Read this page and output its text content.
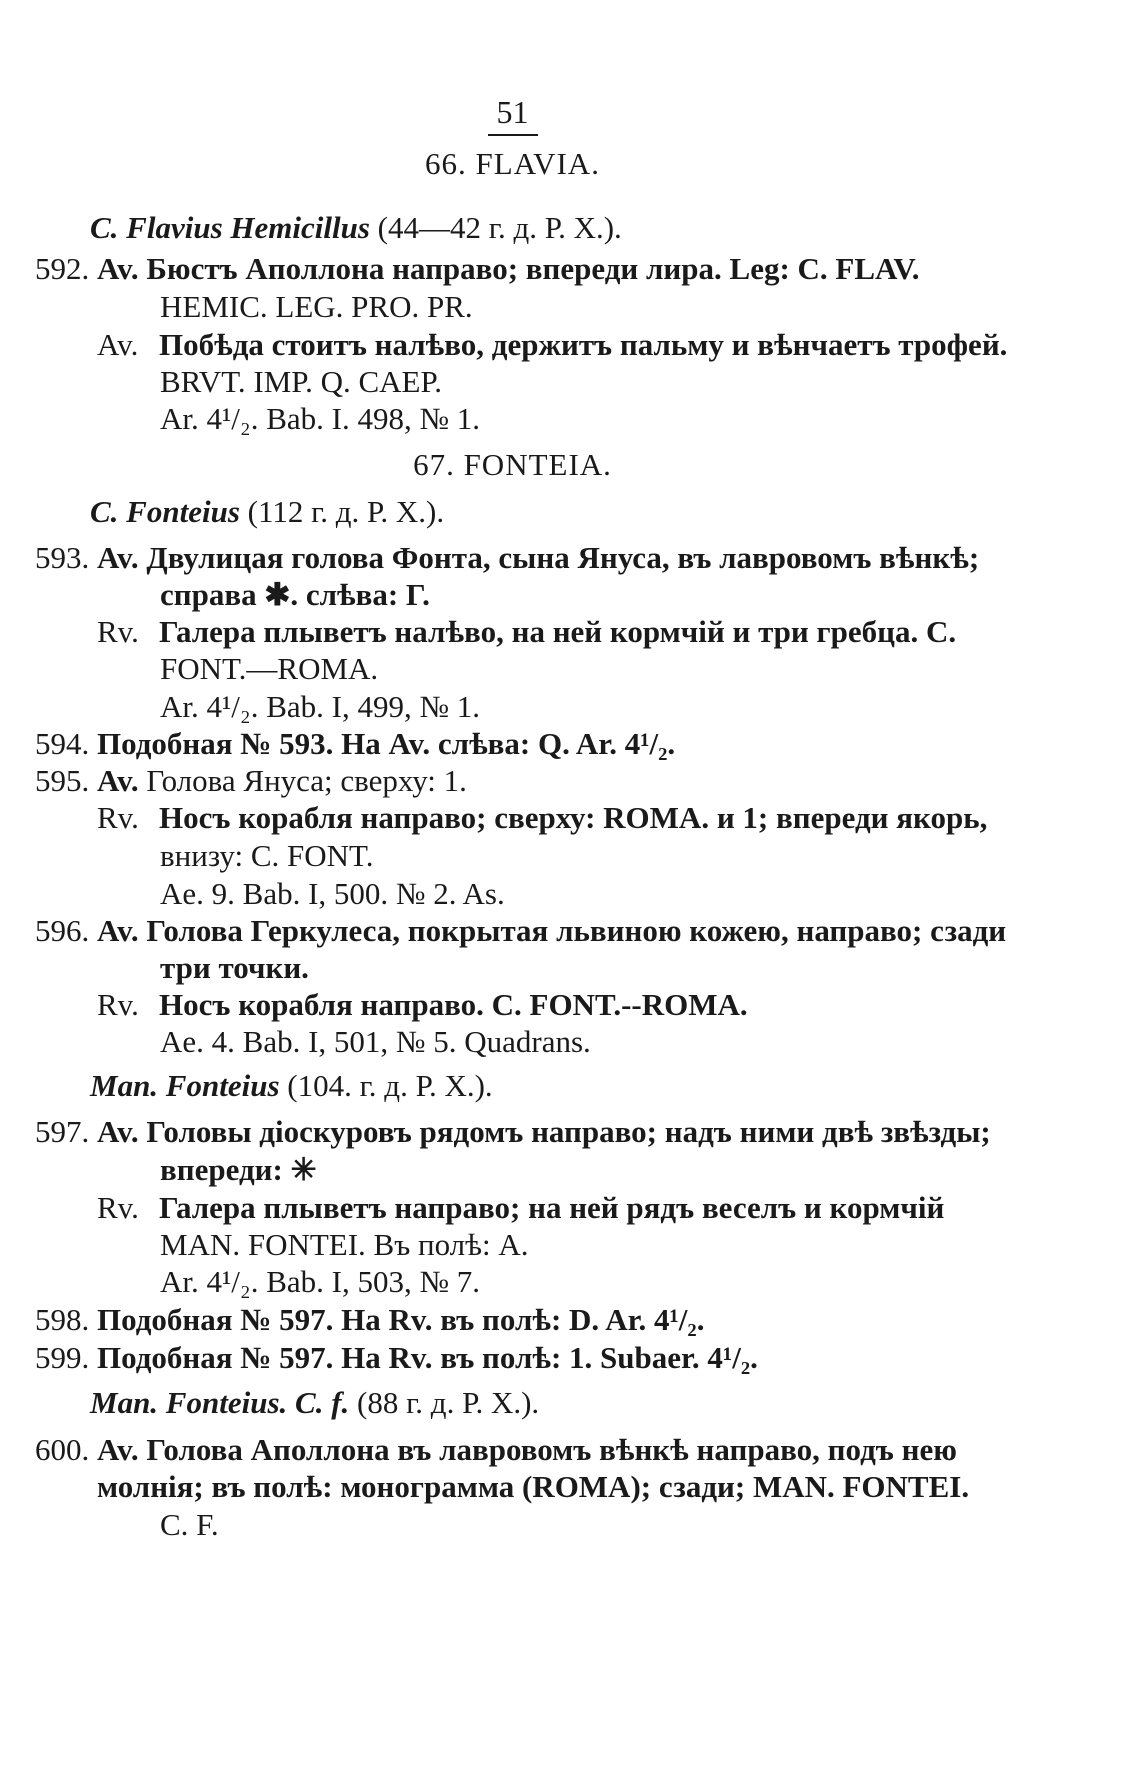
51
66. FLAVIA.
C. Flavius Hemicillus (44—42 г. д. Р. Х.).
592. Av. Бюстъ Аполлона направо; впереди лира. Leg: C. FLAV.
HEMIC. LEG. PRO. PR.
Av. Побѣда стоитъ налѣво, держитъ пальму и вѣнчаетъ трофей.
BRVT. IMP. Q. CAEP.
Ar. 4¹/₂. Bab. I. 498, № 1.
67. FONTEIA.
C. Fonteius (112 г. д. Р. Х.).
593. Av. Двулицая голова Фонта, сына Януса, въ лавровомъ вѣнкѣ;
справа ✱. слѣва: Г.
Rv. Галера плыветъ налѣво, на ней кормчій и три гребца. C.
FONT.—ROMA.
Ar. 4¹/₂. Bab. I, 499, № 1.
594. Подобная № 593. На Av. слѣва: Q. Ar. 4¹/₂.
595. Av. Голова Януса; сверху: 1.
Rv. Носъ корабля направо; сверху: ROMA. и 1; впереди якорь,
внизу: C. FONT.
Ae. 9. Bab. I, 500. № 2. As.
596. Av. Голова Геркулеса, покрытая львиною кожею, направо; сзади
три точки.
Rv. Носъ корабля направо. C. FONT.--ROMA.
Ae. 4. Bab. I, 501, № 5. Quadrans.
Man. Fonteius (104. г. д. Р. Х.).
597. Av. Головы діоскуровъ рядомъ направо; надъ ними двѣ звѣзды;
впереди: ✳
Rv. Галера плыветъ направо; на ней рядъ веселъ и кормчій
MAN. FONTEI. Въ полѣ: A.
Ar. 4¹/₂. Bab. I, 503, № 7.
598. Подобная № 597. На Rv. въ полѣ: D. Ar. 4¹/₂.
599. Подобная № 597. На Rv. въ полѣ: 1. Subaer. 4¹/₂.
Man. Fonteius. C. f. (88 г. д. Р. Х.).
600. Av. Голова Аполлона въ лавровомъ вѣнкѣ направо, подъ нею
молнія; въ полѣ: монограмма (ROMA); сзади; MAN. FONTEI.
C. F.
